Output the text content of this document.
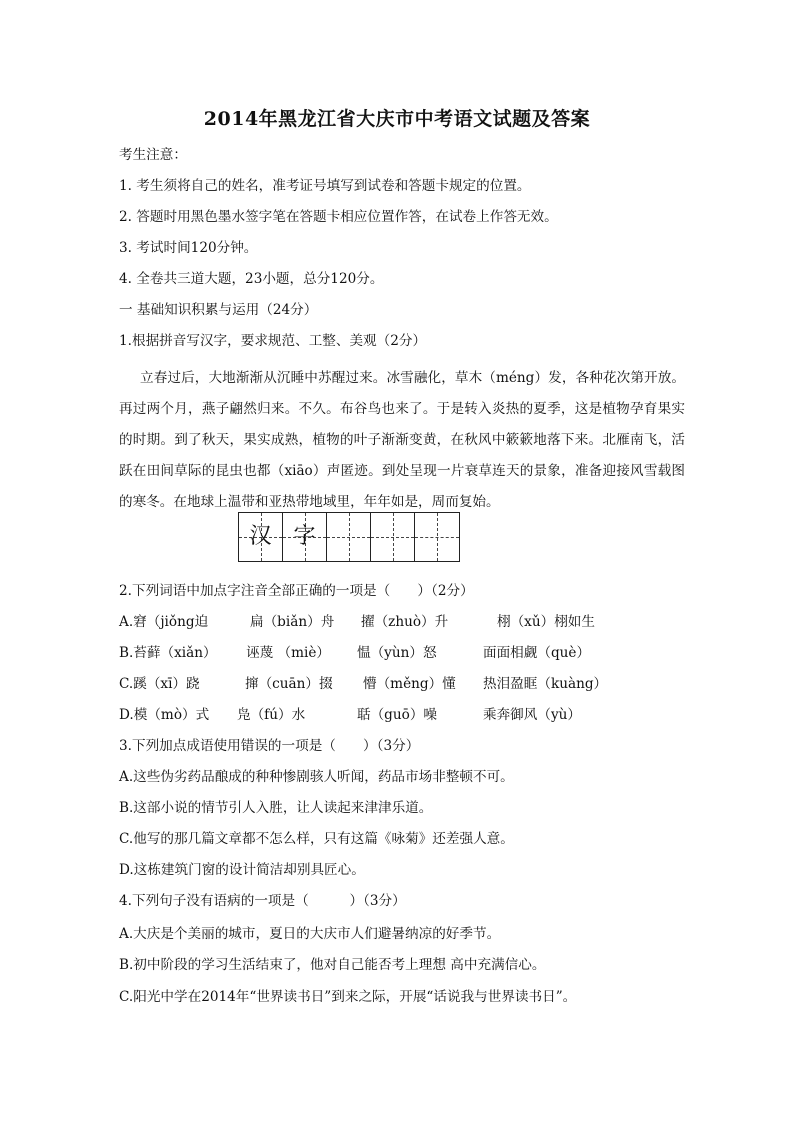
2014年黑龙江省大庆市中考语文试题及答案
考生注意：
1. 考生须将自己的姓名，准考证号填写到试卷和答题卡规定的位置。
2. 答题时用黑色墨水签字笔在答题卡相应位置作答，在试卷上作答无效。
3. 考试时间120分钟。
4. 全卷共三道大题，23小题，总分120分。
一 基础知识积累与运用（24分）
1.根据拼音写汉字，要求规范、工整、美观（2分）
立春过后，大地渐渐从沉睡中苏醒过来。冰雪融化，草木（méng）发，各种花次第开放。再过两个月，燕子翩然归来。不久。布谷鸟也来了。于是转入炎热的夏季，这是植物孕育果实的时期。到了秋天，果实成熟，植物的叶子渐渐变黄，在秋风中簌簌地落下来。北雁南飞，活跃在田间草际的昆虫也都（xiāo）声匿迹。到处呈现一片衰草连天的景象，准备迎接风雪载图的寒冬。在地球上温带和亚热带地域里，年年如是，周而复始。
汉 字
2.下列词语中加点字注音全部正确的一项是（　　）（2分）
A.窘（jiǒng迫	扁（biǎn）舟 擢（zhuò）升	栩（xǔ）栩如生
B.苔藓（xiǎn） 诬蔑 （miè） 愠（yùn）怒	面面相觑（què）
C.蹊（xī）跷	撺（cuān）掇 懵（měng）懂 热泪盈眶（kuàng）
D.模（mò）式 凫（fú）水	聒（guō）噪	乘奔御风（yù）
3.下列加点成语使用错误的一项是（　　）（3分）
A.这些伪劣药品酿成的种种惨剧骇人听闻，药品市场非整顿不可。
B.这部小说的情节引人入胜，让人读起来津津乐道。
C.他写的那几篇文章都不怎么样，只有这篇《咏菊》还差强人意。
D.这栋建筑门窗的设计简洁却别具匠心。
4.下列句子没有语病的一项是（　　　）（3分）
A.大庆是个美丽的城市，夏日的大庆市人们避暑纳凉的好季节。
B.初中阶段的学习生活结束了，他对自己能否考上理想 高中充满信心。
C.阳光中学在2014年“世界读书日”到来之际，开展“话说我与世界读书日”。
